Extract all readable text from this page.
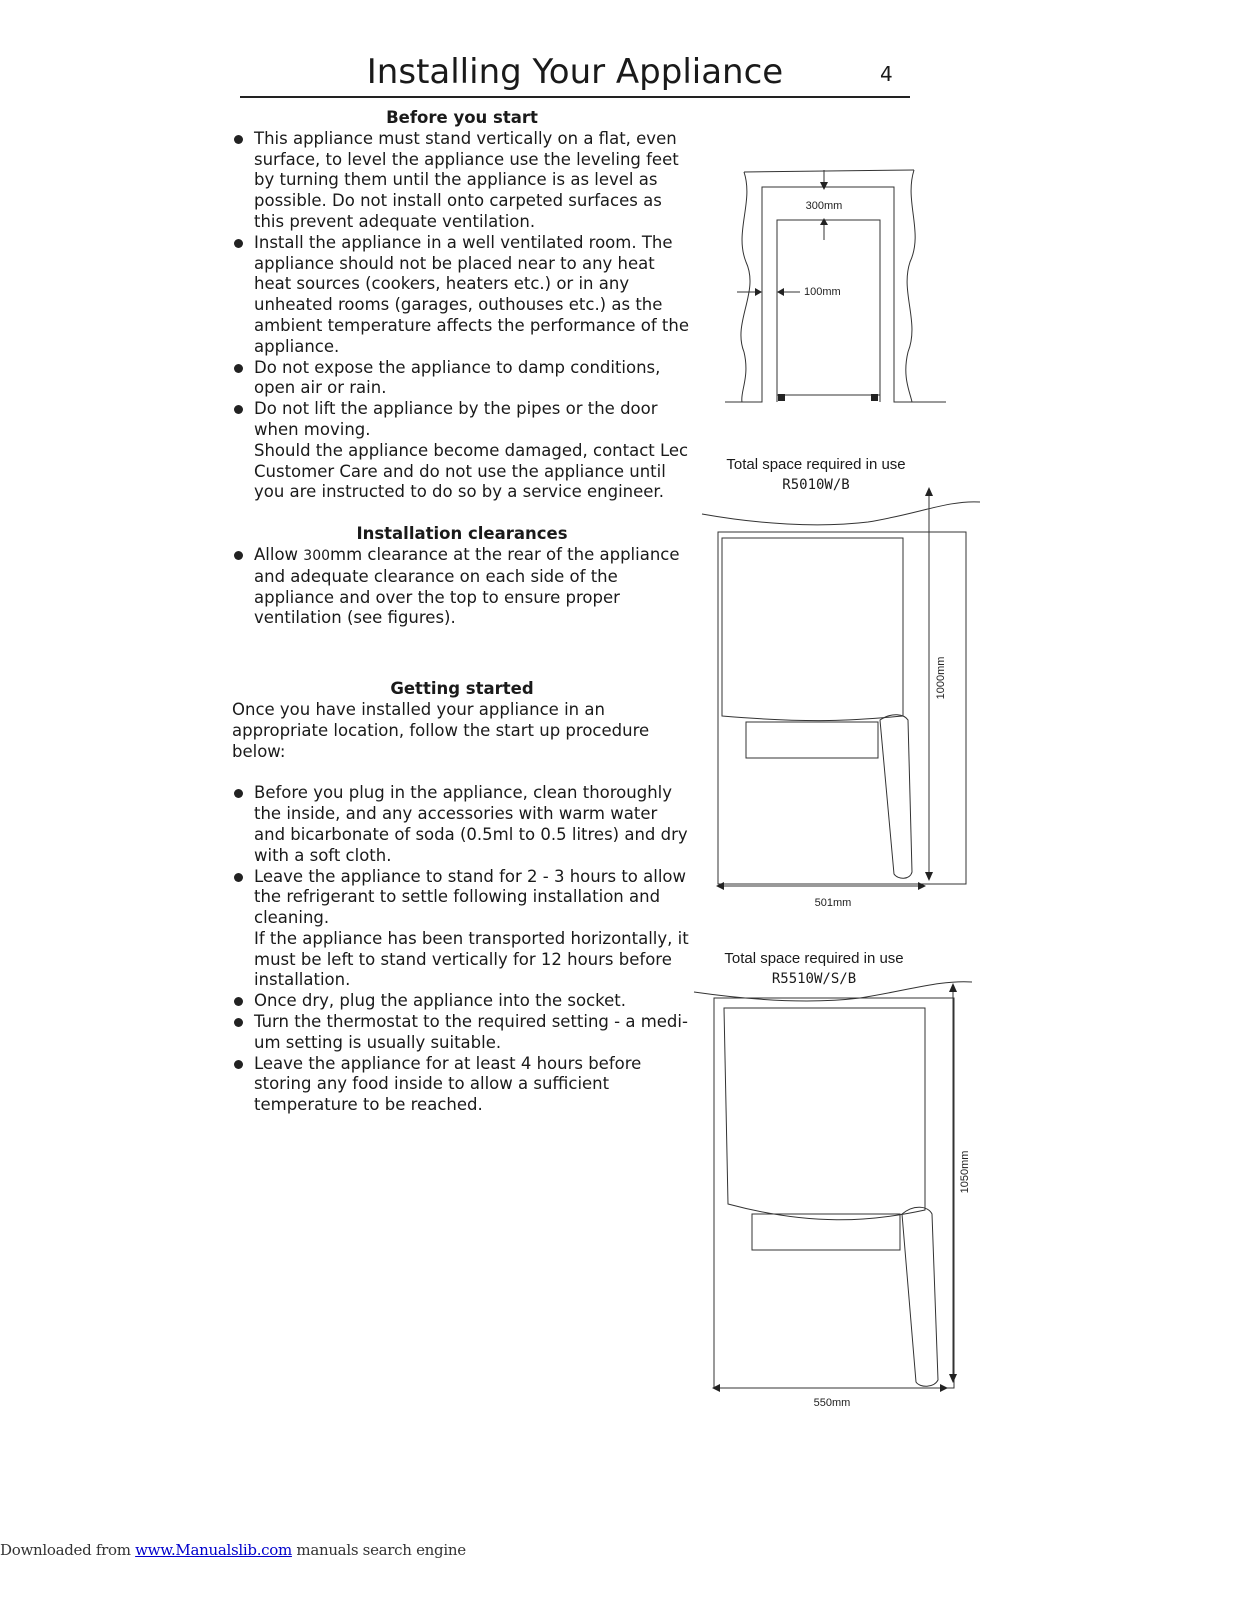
Installing Your Appliance	4
Before you start
This appliance must stand vertically on a flat, even surface, to level the appliance use the leveling feet by turning them until the appliance is as level as possible. Do not install onto carpeted surfaces as this prevent adequate ventilation.
Install the appliance in a well ventilated room. The appliance should not be placed near to any heat heat sources (cookers, heaters etc.) or in any unheated rooms (garages, outhouses etc.) as the ambient temperature affects the performance of the appliance.
Do not expose the appliance to damp conditions, open air or rain.
Do not lift the appliance by the pipes or the door when moving.
Should the appliance become damaged, contact Lec Customer Care and do not use the appliance until you are instructed to do so by a service engineer.
Installation clearances
Allow 300mm clearance at the rear of the appliance and adequate clearance on each side of the appliance and over the top to ensure proper ventilation (see figures).
Getting started

Once you have installed your appliance in an appropriate location, follow the start up procedure below:

Before you plug in the appliance, clean thoroughly the inside, and any accessories with warm water and bicarbonate of soda (0.5ml to 0.5 litres) and dry with a soft cloth.
Leave the appliance to stand for 2 - 3 hours to allow the refrigerant to settle following installation and cleaning.
If the appliance has been transported horizontally, it must be left to stand vertically for 12 hours before installation.
Once dry, plug the appliance into the socket.
Turn the thermostat to the required setting - a medi-um setting is usually suitable.
Leave the appliance for at least 4 hours before storing any food inside to allow a sufficient temperature to be reached.
300mm
100mm
Total space required in use
R5010W/B
1000mm
501mm
Total space required in use
R5510W/S/B
1050mm
550mm
Downloaded from www.Manualslib.com manuals search engine
